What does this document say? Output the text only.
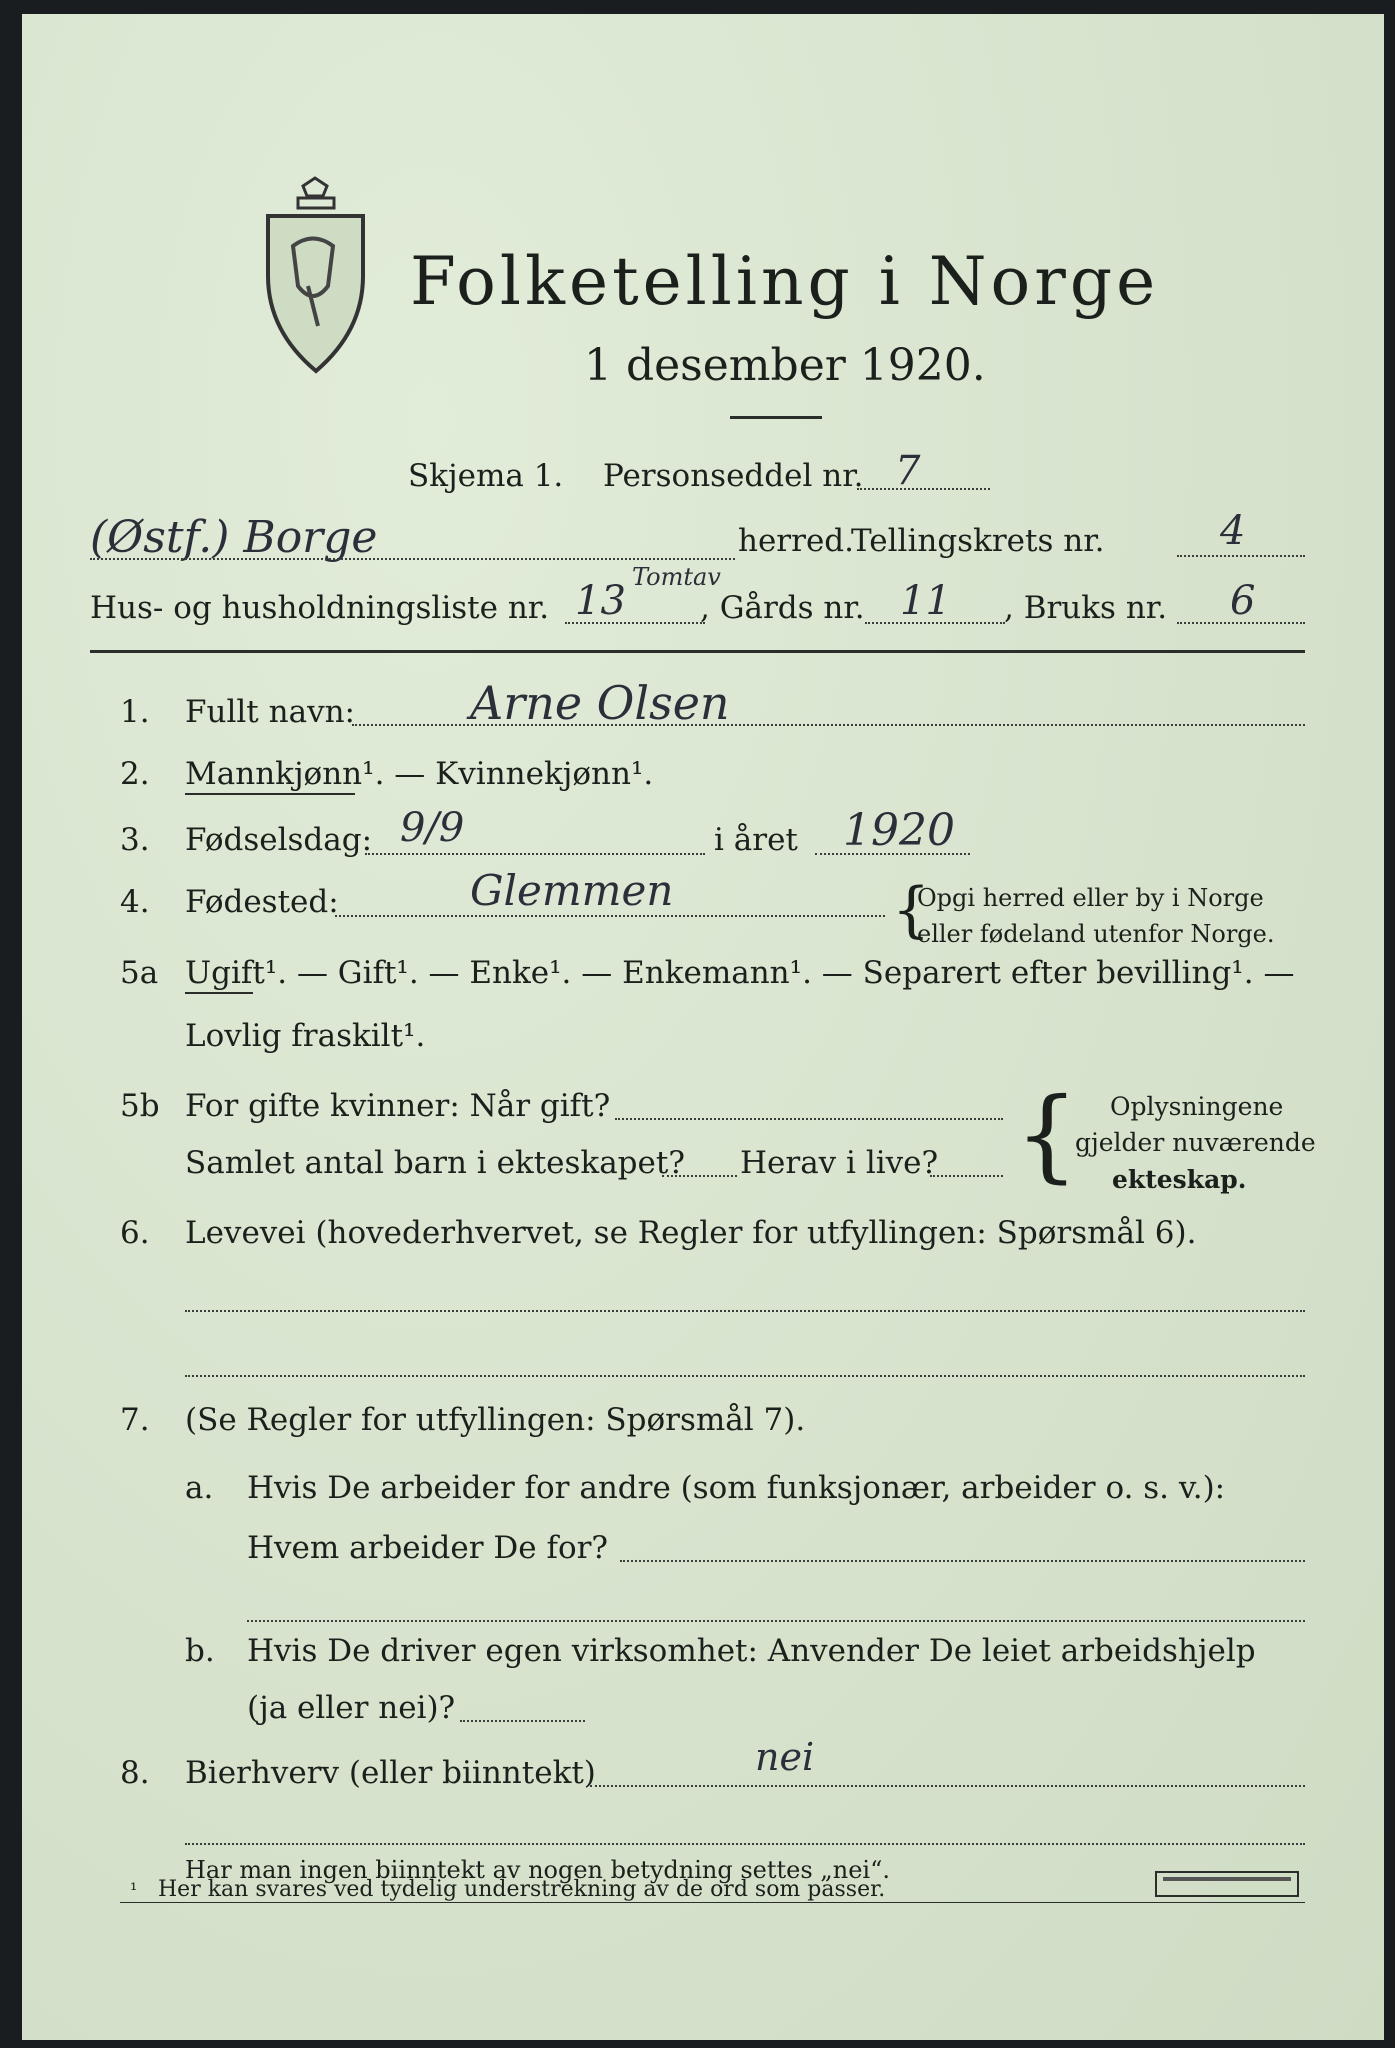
Folketelling i Norge
1 desember 1920.
Skjema 1. Personseddel nr. 7
(Østf.) Borge	herred.
Tellingskrets nr.	4
Hus- og husholdningsliste nr. 13
Tomtav
, Gårds nr. 11 , Bruks nr. 6
1. Fullt navn:	Arne Olsen
2. Mannkjønn¹. — Kvinnekjønn¹.
3. Fødselsdag: 9/9	i året 1920
4. Fødested:	Glemmen	{
Opgi herred eller by i Norge
eller fødeland utenfor Norge.
5a Ugift¹. — Gift¹. — Enke¹. — Enkemann¹. — Separert efter bevilling¹. —
Lovlig fraskilt¹.
5b For gifte kvinner: Når gift?
Samlet antal barn i ekteskapet? Herav i live? { Oplysningene
gjelder nuværende
ekteskap.
6. Levevei (hovederhvervet, se Regler for utfyllingen: Spørsmål 6).
7. (Se Regler for utfyllingen: Spørsmål 7).
a. Hvis De arbeider for andre (som funksjonær, arbeider o. s. v.):
Hvem arbeider De for?
b. Hvis De driver egen virksomhet: Anvender De leiet arbeidshjelp
(ja eller nei)?
8. Bierhverv (eller biinntekt)	nei
Har man ingen biinntekt av nogen betydning settes „nei“.
¹ Her kan svares ved tydelig understrekning av de ord som passer.
